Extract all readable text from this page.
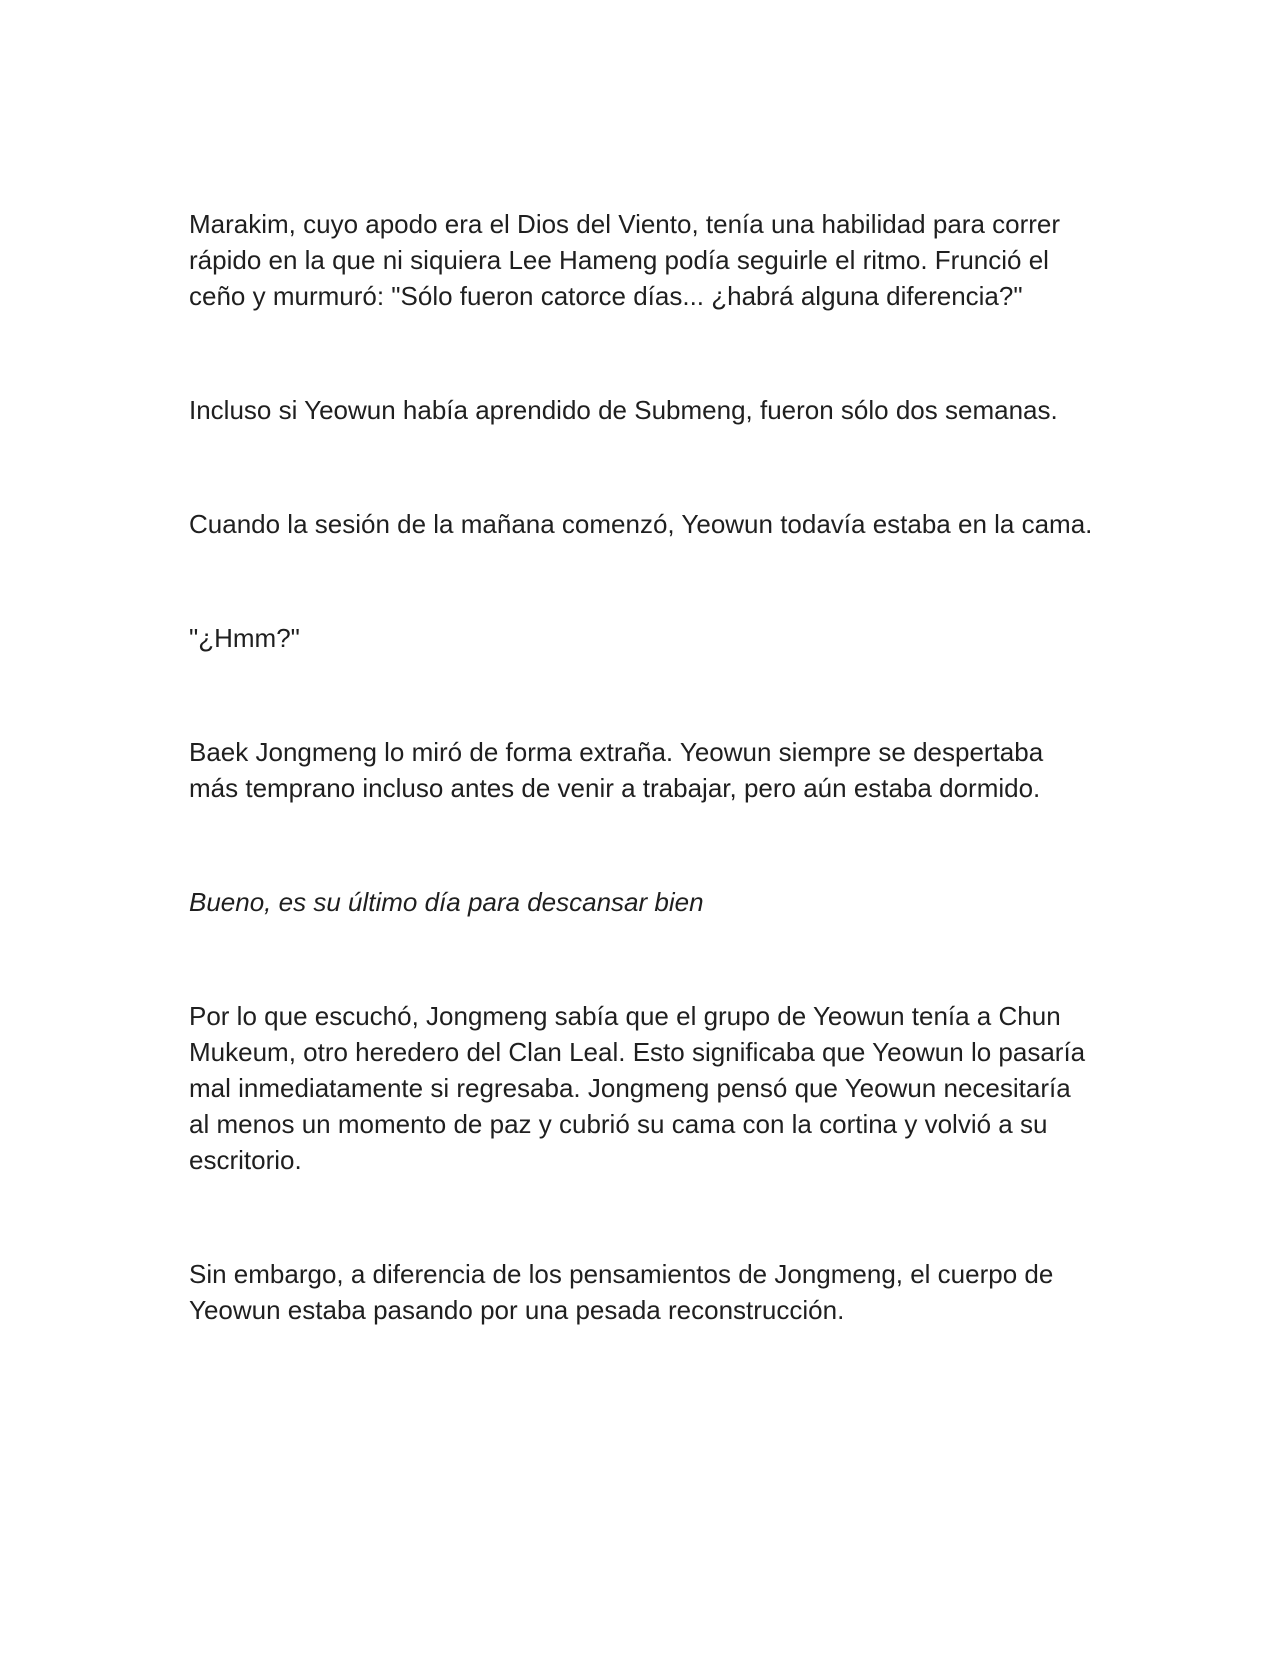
Marakim, cuyo apodo era el Dios del Viento, tenía una habilidad para correr rápido en la que ni siquiera Lee Hameng podía seguirle el ritmo. Frunció el ceño y murmuró: "Sólo fueron catorce días... ¿habrá alguna diferencia?"

Incluso si Yeowun había aprendido de Submeng, fueron sólo dos semanas.

Cuando la sesión de la mañana comenzó, Yeowun todavía estaba en la cama.

"¿Hmm?"

Baek Jongmeng lo miró de forma extraña. Yeowun siempre se despertaba más temprano incluso antes de venir a trabajar, pero aún estaba dormido.

Bueno, es su último día para descansar bien

Por lo que escuchó, Jongmeng sabía que el grupo de Yeowun tenía a Chun Mukeum, otro heredero del Clan Leal. Esto significaba que Yeowun lo pasaría mal inmediatamente si regresaba. Jongmeng pensó que Yeowun necesitaría al menos un momento de paz y cubrió su cama con la cortina y volvió a su escritorio.

Sin embargo, a diferencia de los pensamientos de Jongmeng, el cuerpo de Yeowun estaba pasando por una pesada reconstrucción.
